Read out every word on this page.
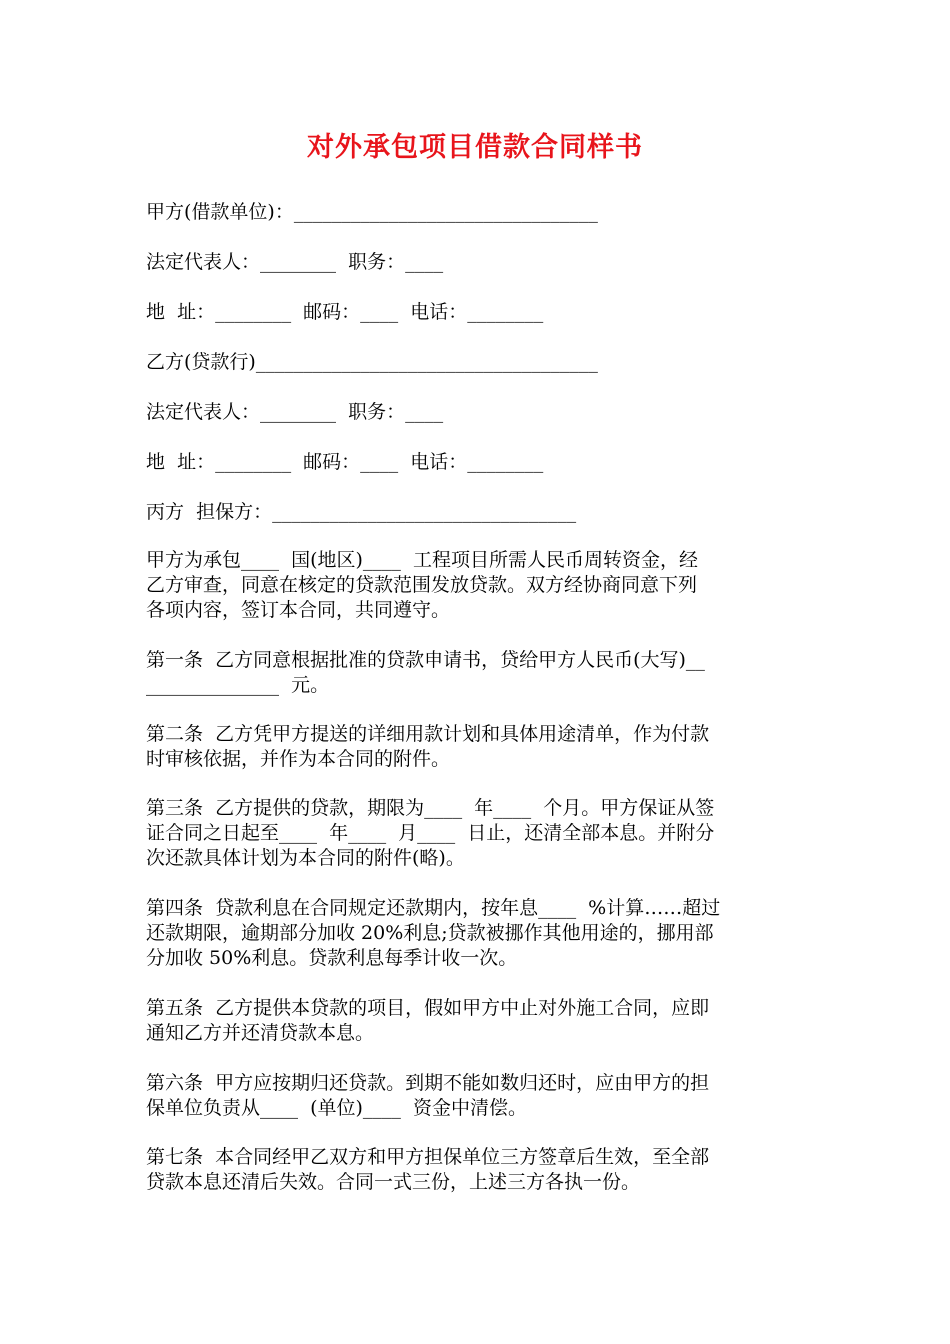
对外承包项目借款合同样书
甲方(借款单位)：________________________________
法定代表人：________  职务：____
地  址：________  邮码：____  电话：________
乙方(贷款行)____________________________________
法定代表人：________  职务：____
地  址：________  邮码：____  电话：________
丙方  担保方：________________________________
甲方为承包____  国(地区)____  工程项目所需人民币周转资金，经
乙方审查，同意在核定的贷款范围发放贷款。双方经协商同意下列
各项内容，签订本合同，共同遵守。
第一条  乙方同意根据批准的贷款申请书，贷给甲方人民币(大写)__
______________  元。
第二条  乙方凭甲方提送的详细用款计划和具体用途清单，作为付款
时审核依据，并作为本合同的附件。
第三条  乙方提供的贷款，期限为____  年____  个月。甲方保证从签
证合同之日起至____  年____  月____  日止，还清全部本息。并附分
次还款具体计划为本合同的附件(略)。
第四条  贷款利息在合同规定还款期内，按年息____  %计算……超过
还款期限，逾期部分加收 20%利息;贷款被挪作其他用途的，挪用部
分加收 50%利息。贷款利息每季计收一次。
第五条  乙方提供本贷款的项目，假如甲方中止对外施工合同，应即
通知乙方并还清贷款本息。
第六条  甲方应按期归还贷款。到期不能如数归还时，应由甲方的担
保单位负责从____  (单位)____  资金中清偿。
第七条  本合同经甲乙双方和甲方担保单位三方签章后生效，至全部
贷款本息还清后失效。合同一式三份，上述三方各执一份。
